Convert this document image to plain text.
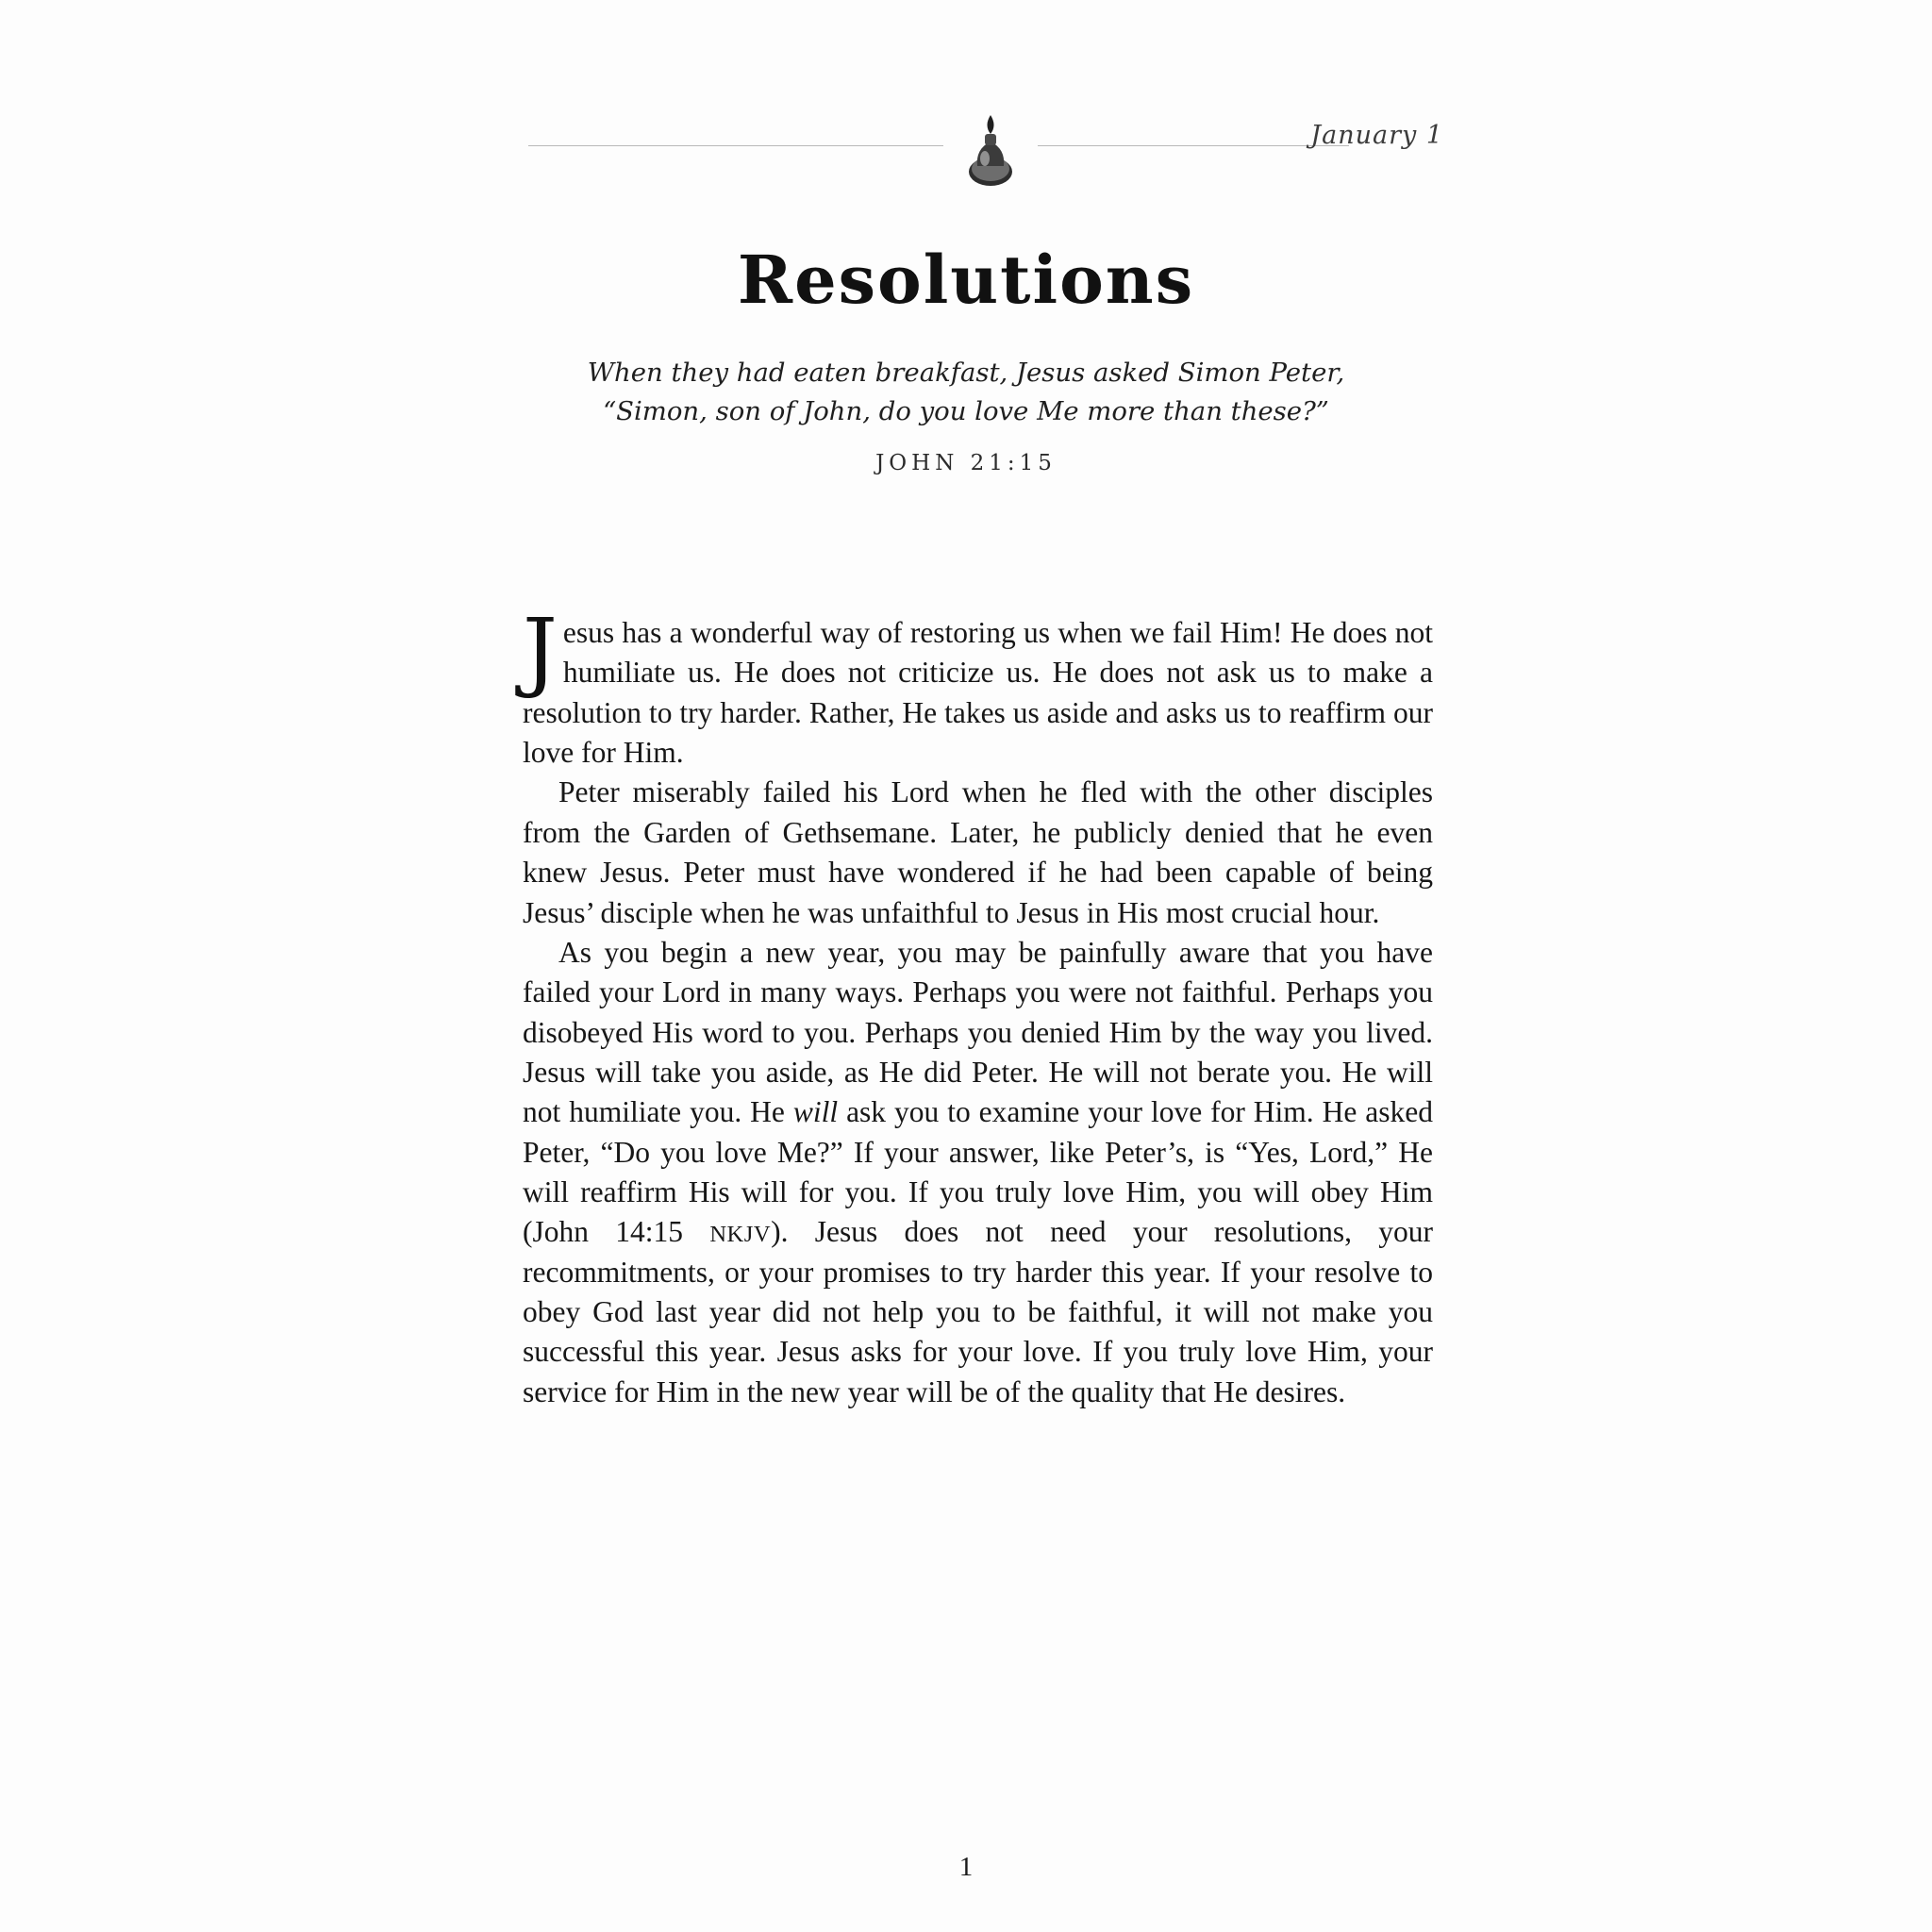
January 1
Resolutions
When they had eaten breakfast, Jesus asked Simon Peter,
“Simon, son of John, do you love Me more than these?”
JOHN 21:15

Jesus has a wonderful way of restoring us when we fail Him! He does not humiliate us. He does not criticize us. He does not ask us to make a resolution to try harder. Rather, He takes us aside and asks us to reaffirm our love for Him.

Peter miserably failed his Lord when he fled with the other disciples from the Garden of Gethsemane. Later, he publicly denied that he even knew Jesus. Peter must have wondered if he had been capable of being Jesus’ disciple when he was unfaithful to Jesus in His most crucial hour.

As you begin a new year, you may be painfully aware that you have failed your Lord in many ways. Perhaps you were not faithful. Perhaps you disobeyed His word to you. Perhaps you denied Him by the way you lived. Jesus will take you aside, as He did Peter. He will not berate you. He will not humiliate you. He will ask you to examine your love for Him. He asked Peter, “Do you love Me?” If your answer, like Peter’s, is “Yes, Lord,” He will reaffirm His will for you. If you truly love Him, you will obey Him (John 14:15 NKJV). Jesus does not need your resolutions, your recommitments, or your promises to try harder this year. If your resolve to obey God last year did not help you to be faithful, it will not make you successful this year. Jesus asks for your love. If you truly love Him, your service for Him in the new year will be of the quality that He desires.

1
